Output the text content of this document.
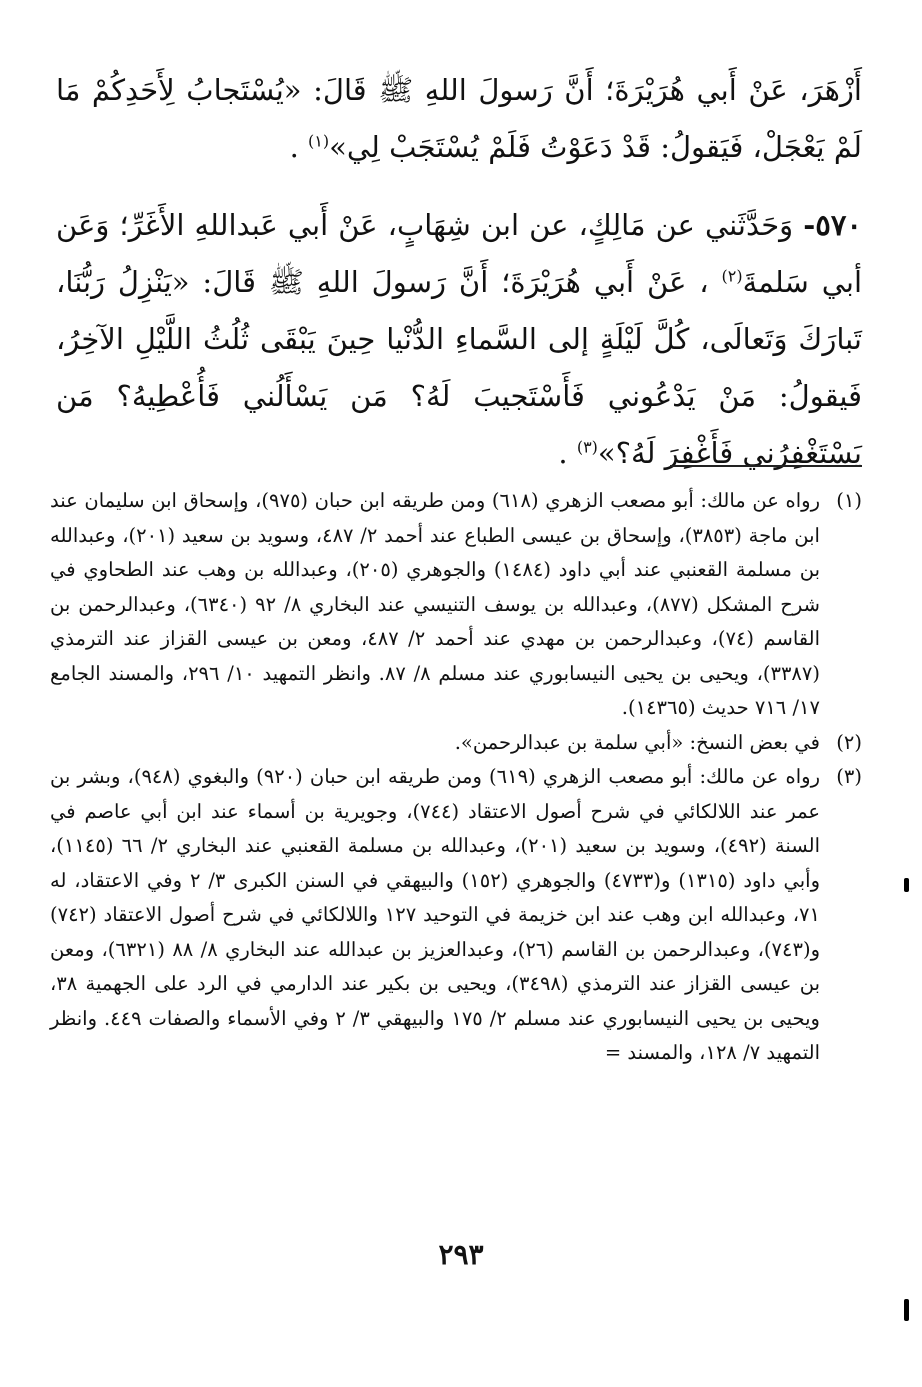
أَزْهَرَ، عَنْ أَبي هُرَيْرَةَ؛ أَنَّ رَسولَ اللهِ ﷺ قَالَ: «يُسْتَجابُ لِأَحَدِكُمْ مَا لَمْ يَعْجَلْ، فَيَقولُ: قَدْ دَعَوْتُ فَلَمْ يُسْتَجَبْ لِي»$^{(١)}$ .

٥٧٠- وَحَدَّثَني عن مَالِكٍ، عن ابن شِهَابٍ، عَنْ أَبي عَبداللهِ الأَغَرِّ؛ وَعَن أبي سَلمةَ$^{(٢)}$ ، عَنْ أَبي هُرَيْرَةَ؛ أَنَّ رَسولَ اللهِ ﷺ قَالَ: «يَنْزِلُ رَبُّنَا، تَبارَكَ وَتَعالَى، كُلَّ لَيْلَةٍ إلى السَّماءِ الدُّنْيا حِينَ يَبْقَى ثُلُثُ اللَّيْلِ الآخِرُ، فَيقولُ: مَنْ يَدْعُوني فَأَسْتَجيبَ لَهُ؟ مَن يَسْأَلُني فَأُعْطِيهُ؟ مَن يَسْتَغْفِرُني فَأَغْفِرَ لَهُ؟»$^{(٣)}$ .

(١)
رواه عن مالك: أبو مصعب الزهري (٦١٨) ومن طريقه ابن حبان (٩٧٥)، وإسحاق ابن سليمان عند ابن ماجة (٣٨٥٣)، وإسحاق بن عيسى الطباع عند أحمد ٢/ ٤٨٧، وسويد بن سعيد (٢٠١)، وعبدالله بن مسلمة القعنبي عند أبي داود (١٤٨٤) والجوهري (٢٠٥)، وعبدالله بن وهب عند الطحاوي في شرح المشكل (٨٧٧)، وعبدالله بن يوسف التنيسي عند البخاري ٨/ ٩٢ (٦٣٤٠)، وعبدالرحمن بن القاسم (٧٤)، وعبدالرحمن بن مهدي عند أحمد ٢/ ٤٨٧، ومعن بن عيسى القزاز عند الترمذي (٣٣٨٧)، ويحيى بن يحيى النيسابوري عند مسلم ٨/ ٨٧. وانظر التمهيد ١٠/ ٢٩٦، والمسند الجامع ١٧/ ٧١٦ حديث (١٤٣٦٥).
(٢)
في بعض النسخ: «أبي سلمة بن عبدالرحمن».
(٣)
رواه عن مالك: أبو مصعب الزهري (٦١٩) ومن طريقه ابن حبان (٩٢٠) والبغوي (٩٤٨)، وبشر بن عمر عند اللالكائي في شرح أصول الاعتقاد (٧٤٤)، وجويرية بن أسماء عند ابن أبي عاصم في السنة (٤٩٢)، وسويد بن سعيد (٢٠١)، وعبدالله بن مسلمة القعنبي عند البخاري ٢/ ٦٦ (١١٤٥)، وأبي داود (١٣١٥) و(٤٧٣٣) والجوهري (١٥٢) والبيهقي في السنن الكبرى ٣/ ٢ وفي الاعتقاد، له ٧١، وعبدالله ابن وهب عند ابن خزيمة في التوحيد ١٢٧ واللالكائي في شرح أصول الاعتقاد (٧٤٢) و(٧٤٣)، وعبدالرحمن بن القاسم (٢٦)، وعبدالعزيز بن عبدالله عند البخاري ٨/ ٨٨ (٦٣٢١)، ومعن بن عيسى القزاز عند الترمذي (٣٤٩٨)، ويحيى بن بكير عند الدارمي في الرد على الجهمية ٣٨، ويحيى بن يحيى النيسابوري عند مسلم ٢/ ١٧٥ والبيهقي ٣/ ٢ وفي الأسماء والصفات ٤٤٩. وانظر التمهيد ٧/ ١٢٨، والمسند =
٢٩٣
